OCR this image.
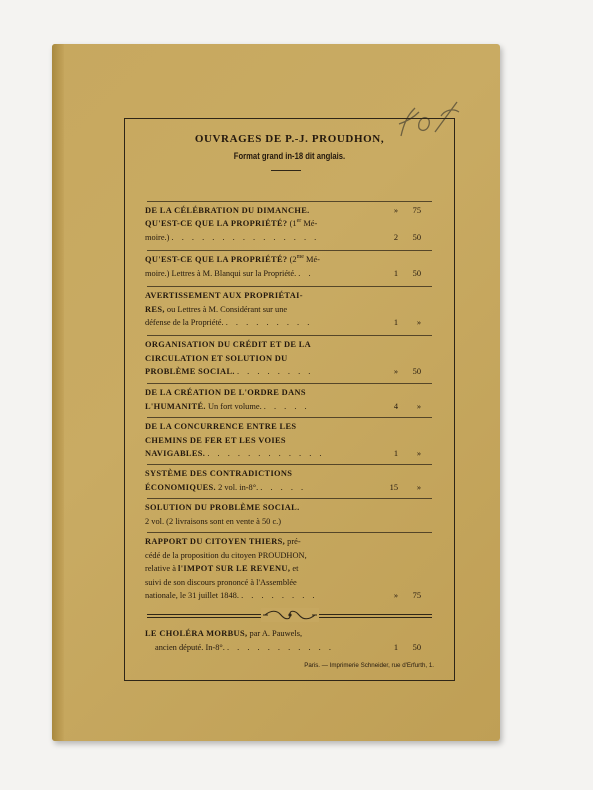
OUVRAGES DE P.-J. PROUDHON,
Format grand in-18 dit anglais.
DE LA CÉLÉBRATION DU DIMANCHE.	»	75
QU'EST-CE QUE LA PROPRIÉTÉ? (1er Mé-
moire.) . . . . . . . . . . . . . . .	2	50
QU'EST-CE QUE LA PROPRIÉTÉ? ($2^{me}$ Mé-
moire.) Lettres à M. Blanqui sur la Propriété. . .	1	50
AVERTISSEMENT AUX PROPRIÉTAI-
RES, ou Lettres à M. Considérant sur une
défense de la Propriété. . . . . . . . . .	1	»
ORGANISATION DU CRÉDIT ET DE LA
CIRCULATION ET SOLUTION DU
PROBLÈME SOCIAL. . . . . . . . .	»	50
DE LA CRÉATION DE L'ORDRE DANS
L'HUMANITÉ. Un fort volume. . . . . .	4	»
DE LA CONCURRENCE ENTRE LES
CHEMINS DE FER ET LES VOIES
NAVIGABLES. . . . . . . . . . . . .	1	»
SYSTÈME DES CONTRADICTIONS
ÉCONOMIQUES. 2 vol. in-8°. . . . . .	15	»
SOLUTION DU PROBLÈME SOCIAL.
2 vol. (2 livraisons sont en vente à 50 c.)
RAPPORT DU CITOYEN THIERS, pré-
cédé de la proposition du citoyen PROUDHON,
relative à l'IMPOT SUR LE REVENU, et
suivi de son discours prononcé à l'Assemblée
nationale, le 31 juillet 1848. . . . . . . . .	»	75
LE CHOLÉRA MORBUS, par A. Pauwels,
ancien député. In-8°. . . . . . . . . . . .	1	50
Paris. — Imprimerie Schneider, rue d'Erfurth, 1.
